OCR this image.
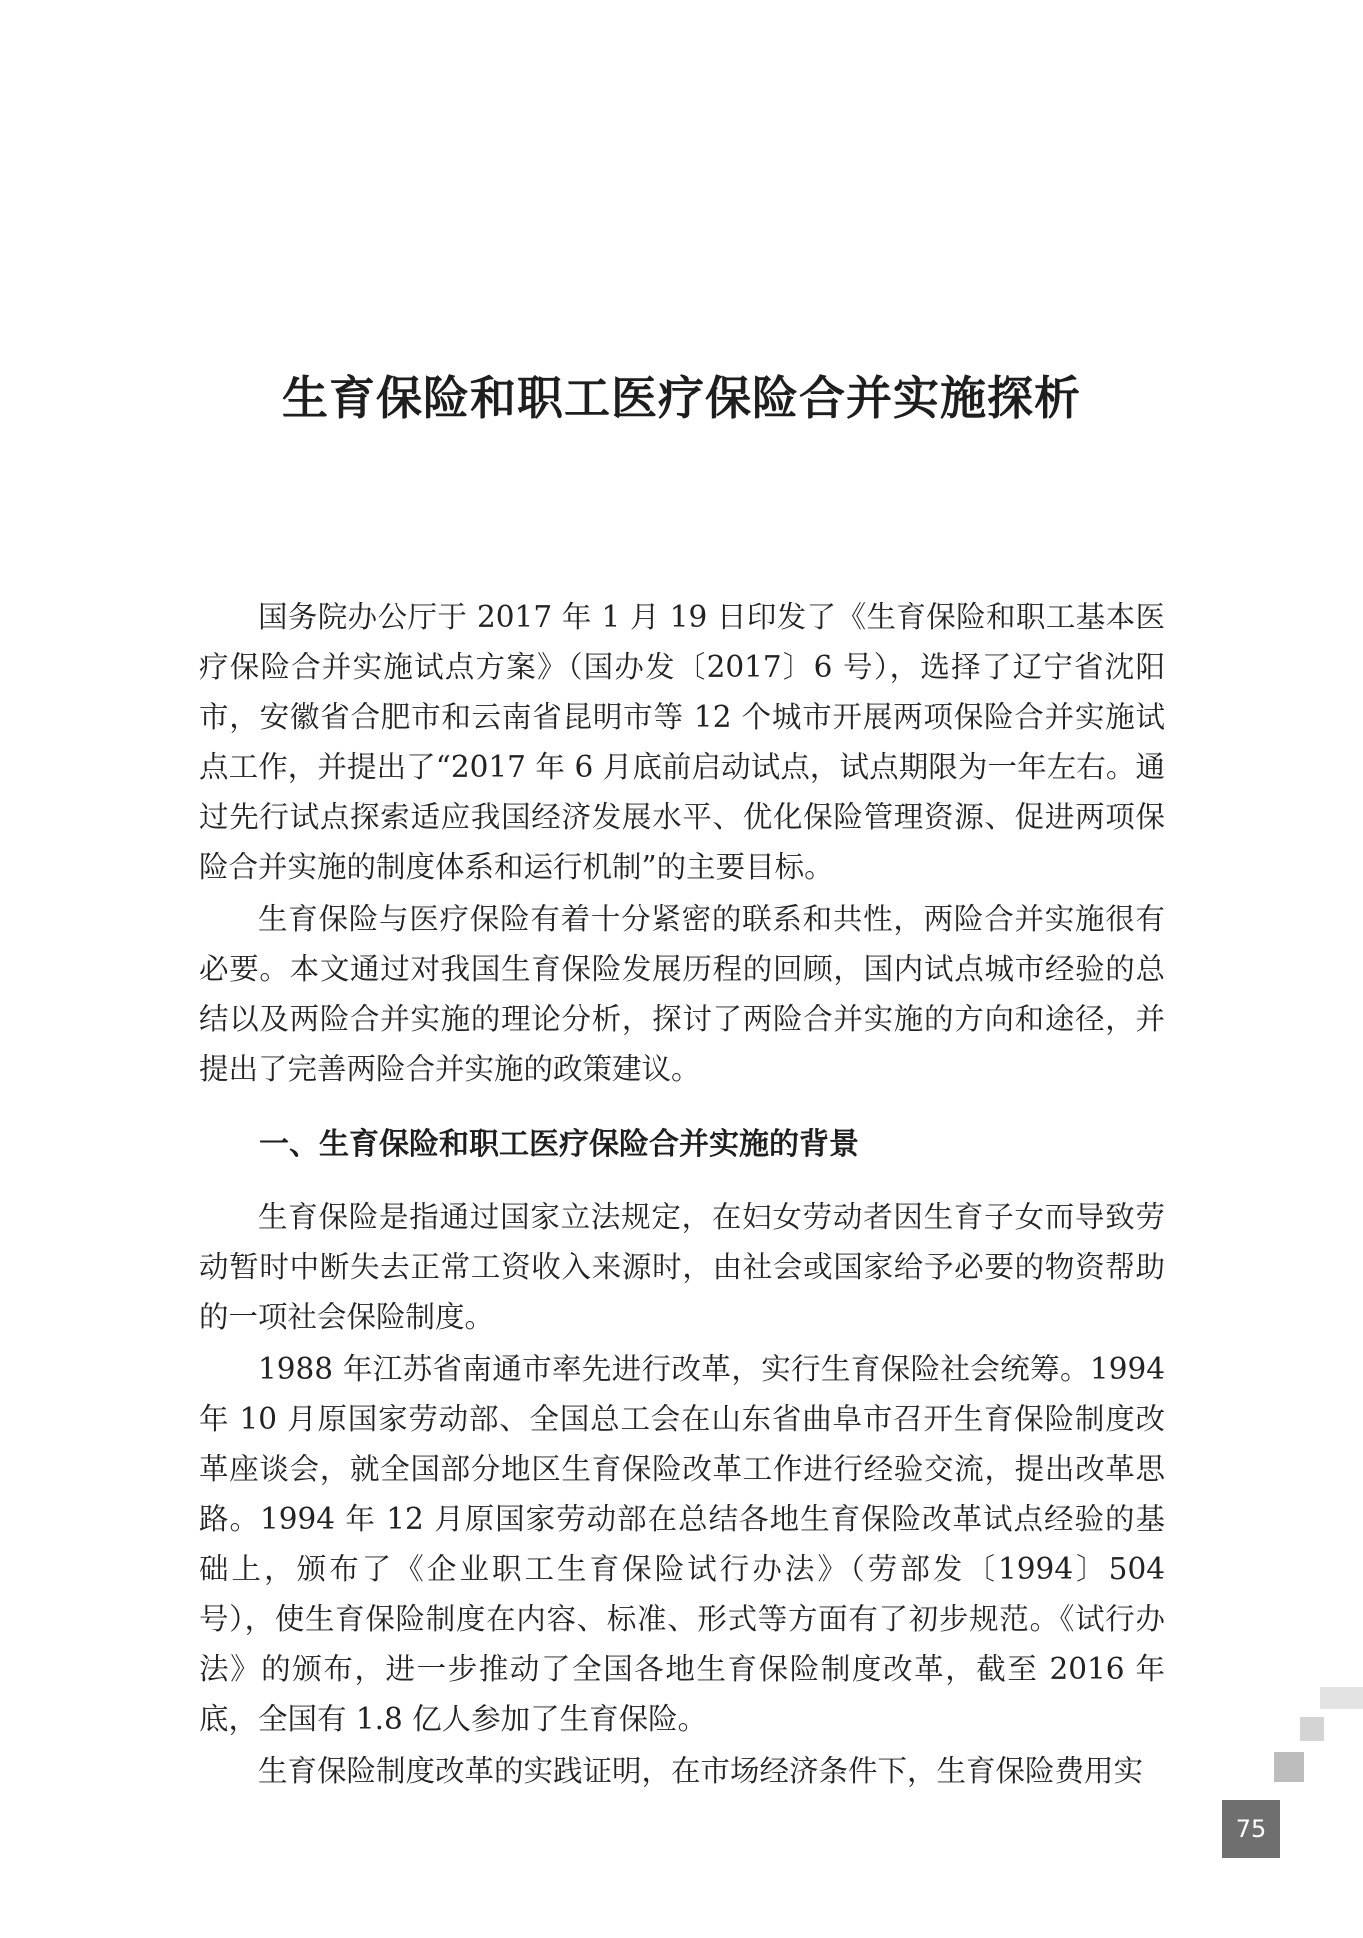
生育保险和职工医疗保险合并实施探析

国务院办公厅于 2017 年 1 月 19 日印发了《生育保险和职工基本医疗保险合并实施试点方案》（国办发〔2017〕6 号），选择了辽宁省沈阳市，安徽省合肥市和云南省昆明市等 12 个城市开展两项保险合并实施试点工作，并提出了“2017 年 6 月底前启动试点，试点期限为一年左右。通过先行试点探索适应我国经济发展水平、优化保险管理资源、促进两项保险合并实施的制度体系和运行机制”的主要目标。

生育保险与医疗保险有着十分紧密的联系和共性，两险合并实施很有必要。本文通过对我国生育保险发展历程的回顾，国内试点城市经验的总结以及两险合并实施的理论分析，探讨了两险合并实施的方向和途径，并提出了完善两险合并实施的政策建议。

一、生育保险和职工医疗保险合并实施的背景

生育保险是指通过国家立法规定，在妇女劳动者因生育子女而导致劳动暂时中断失去正常工资收入来源时，由社会或国家给予必要的物资帮助的一项社会保险制度。

1988 年江苏省南通市率先进行改革，实行生育保险社会统筹。1994 年 10 月原国家劳动部、全国总工会在山东省曲阜市召开生育保险制度改革座谈会，就全国部分地区生育保险改革工作进行经验交流，提出改革思路。1994 年 12 月原国家劳动部在总结各地生育保险改革试点经验的基础上，颁布了《企业职工生育保险试行办法》（劳部发〔1994〕504 号），使生育保险制度在内容、标准、形式等方面有了初步规范。《试行办法》的颁布，进一步推动了全国各地生育保险制度改革，截至 2016 年底，全国有 1.8 亿人参加了生育保险。

生育保险制度改革的实践证明，在市场经济条件下，生育保险费用实

75
